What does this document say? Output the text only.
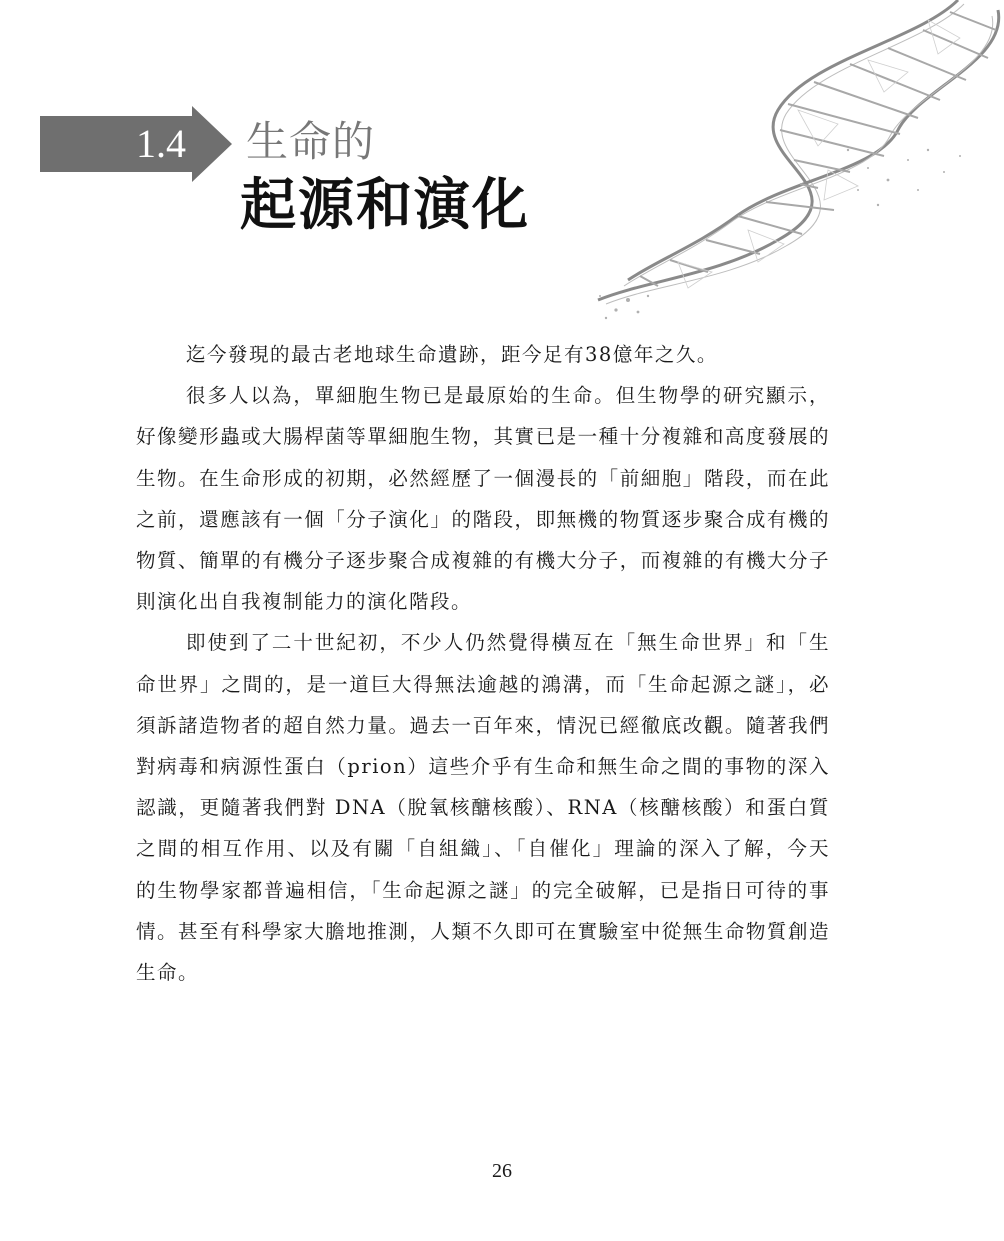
1.4 生命的
起源和演化

迄今發現的最古老地球生命遺跡，距今足有38億年之久。

很多人以為，單細胞生物已是最原始的生命。但生物學的研究顯示，好像變形蟲或大腸桿菌等單細胞生物，其實已是一種十分複雜和高度發展的生物。在生命形成的初期，必然經歷了一個漫長的「前細胞」階段，而在此之前，還應該有一個「分子演化」的階段，即無機的物質逐步聚合成有機的物質、簡單的有機分子逐步聚合成複雜的有機大分子，而複雜的有機大分子則演化出自我複制能力的演化階段。

即使到了二十世紀初，不少人仍然覺得橫亙在「無生命世界」和「生命世界」之間的，是一道巨大得無法逾越的鴻溝，而「生命起源之謎」，必須訴諸造物者的超自然力量。過去一百年來，情況已經徹底改觀。隨著我們對病毒和病源性蛋白（prion）這些介乎有生命和無生命之間的事物的深入認識，更隨著我們對 DNA（脫氧核醣核酸）、RNA（核醣核酸）和蛋白質之間的相互作用、以及有關「自組織」、「自催化」理論的深入了解，今天的生物學家都普遍相信，「生命起源之謎」的完全破解，已是指日可待的事情。甚至有科學家大膽地推測，人類不久即可在實驗室中從無生命物質創造生命。

26
